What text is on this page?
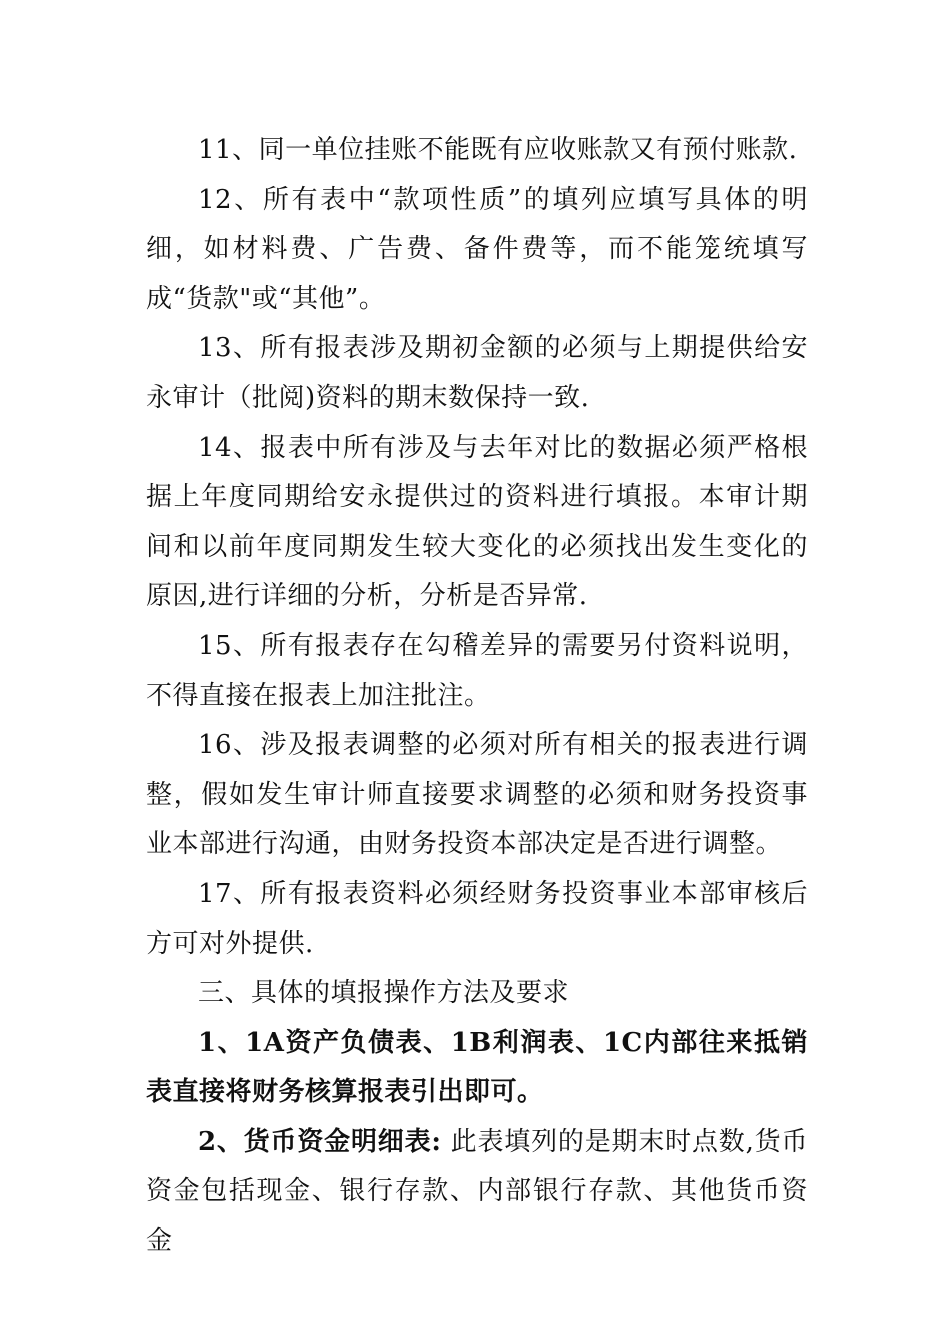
11、同一单位挂账不能既有应收账款又有预付账款.

12、所有表中“款项性质”的填列应填写具体的明细，如材料费、广告费、备件费等，而不能笼统填写成“货款"或“其他”。

13、所有报表涉及期初金额的必须与上期提供给安永审计（批阅)资料的期末数保持一致.

14、报表中所有涉及与去年对比的数据必须严格根据上年度同期给安永提供过的资料进行填报。本审计期间和以前年度同期发生较大变化的必须找出发生变化的原因,进行详细的分析，分析是否异常.

15、所有报表存在勾稽差异的需要另付资料说明，不得直接在报表上加注批注。

16、涉及报表调整的必须对所有相关的报表进行调整，假如发生审计师直接要求调整的必须和财务投资事业本部进行沟通，由财务投资本部决定是否进行调整。

17、所有报表资料必须经财务投资事业本部审核后方可对外提供.

三、具体的填报操作方法及要求

1、1A资产负债表、1B利润表、1C内部往来抵销表直接将财务核算报表引出即可。

2、货币资金明细表: 此表填列的是期末时点数,货币资金包括现金、银行存款、内部银行存款、其他货币资金
